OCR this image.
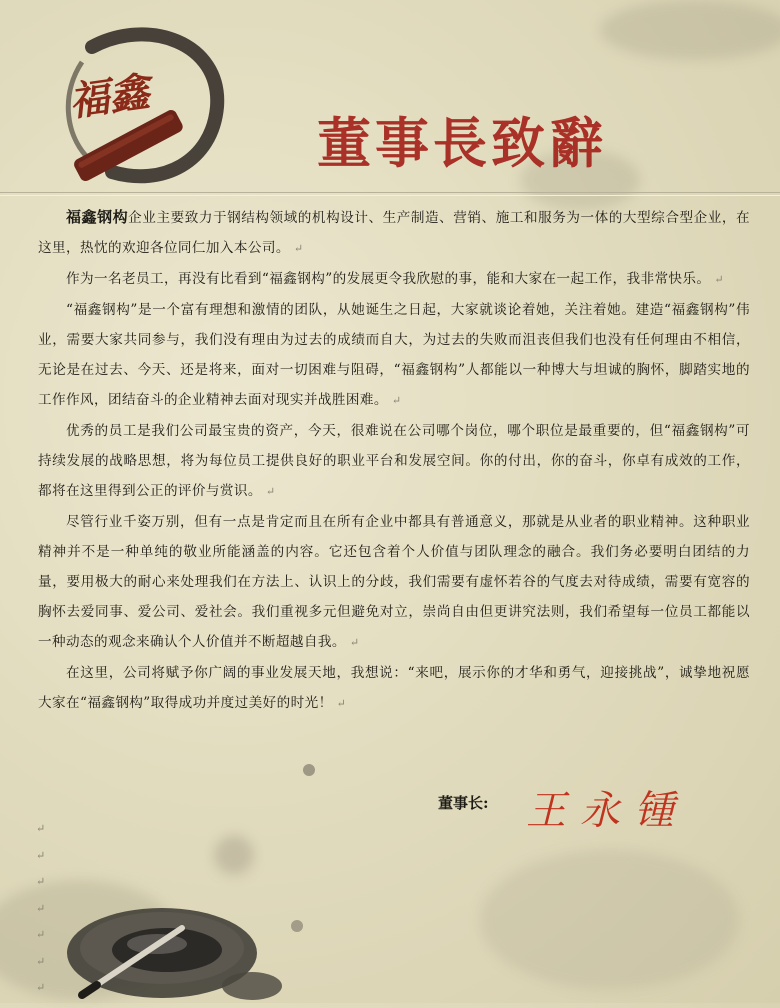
福鑫
董事長致辭

福鑫钢构企业主要致力于钢结构领域的机构设计、生产制造、营销、施工和服务为一体的大型综合型企业，在这里，热忱的欢迎各位同仁加入本公司。 ↵

作为一名老员工，再没有比看到“福鑫钢构”的发展更令我欣慰的事，能和大家在一起工作，我非常快乐。 ↵

“福鑫钢构”是一个富有理想和激情的团队，从她诞生之日起，大家就谈论着她，关注着她。建造“福鑫钢构”伟业，需要大家共同参与，我们没有理由为过去的成绩而自大，为过去的失败而沮丧但我们也没有任何理由不相信，无论是在过去、今天、还是将来，面对一切困难与阻碍，“福鑫钢构”人都能以一种博大与坦诚的胸怀，脚踏实地的工作作风，团结奋斗的企业精神去面对现实并战胜困难。 ↵

优秀的员工是我们公司最宝贵的资产，今天，很难说在公司哪个岗位，哪个职位是最重要的，但“福鑫钢构”可持续发展的战略思想，将为每位员工提供良好的职业平台和发展空间。你的付出，你的奋斗，你卓有成效的工作，都将在这里得到公正的评价与赏识。 ↵

尽管行业千姿万别，但有一点是肯定而且在所有企业中都具有普通意义，那就是从业者的职业精神。这种职业精神并不是一种单纯的敬业所能涵盖的内容。它还包含着个人价值与团队理念的融合。我们务必要明白团结的力量，要用极大的耐心来处理我们在方法上、认识上的分歧，我们需要有虚怀若谷的气度去对待成绩，需要有宽容的胸怀去爱同事、爱公司、爱社会。我们重视多元但避免对立，崇尚自由但更讲究法则，我们希望每一位员工都能以一种动态的观念来确认个人价值并不断超越自我。 ↵

在这里，公司将赋予你广阔的事业发展天地，我想说：“来吧，展示你的才华和勇气，迎接挑战”，诚挚地祝愿大家在“福鑫钢构”取得成功并度过美好的时光！ ↵

董事长: 王永锺
↵
↵
↵
↵
↵
↵
↵
